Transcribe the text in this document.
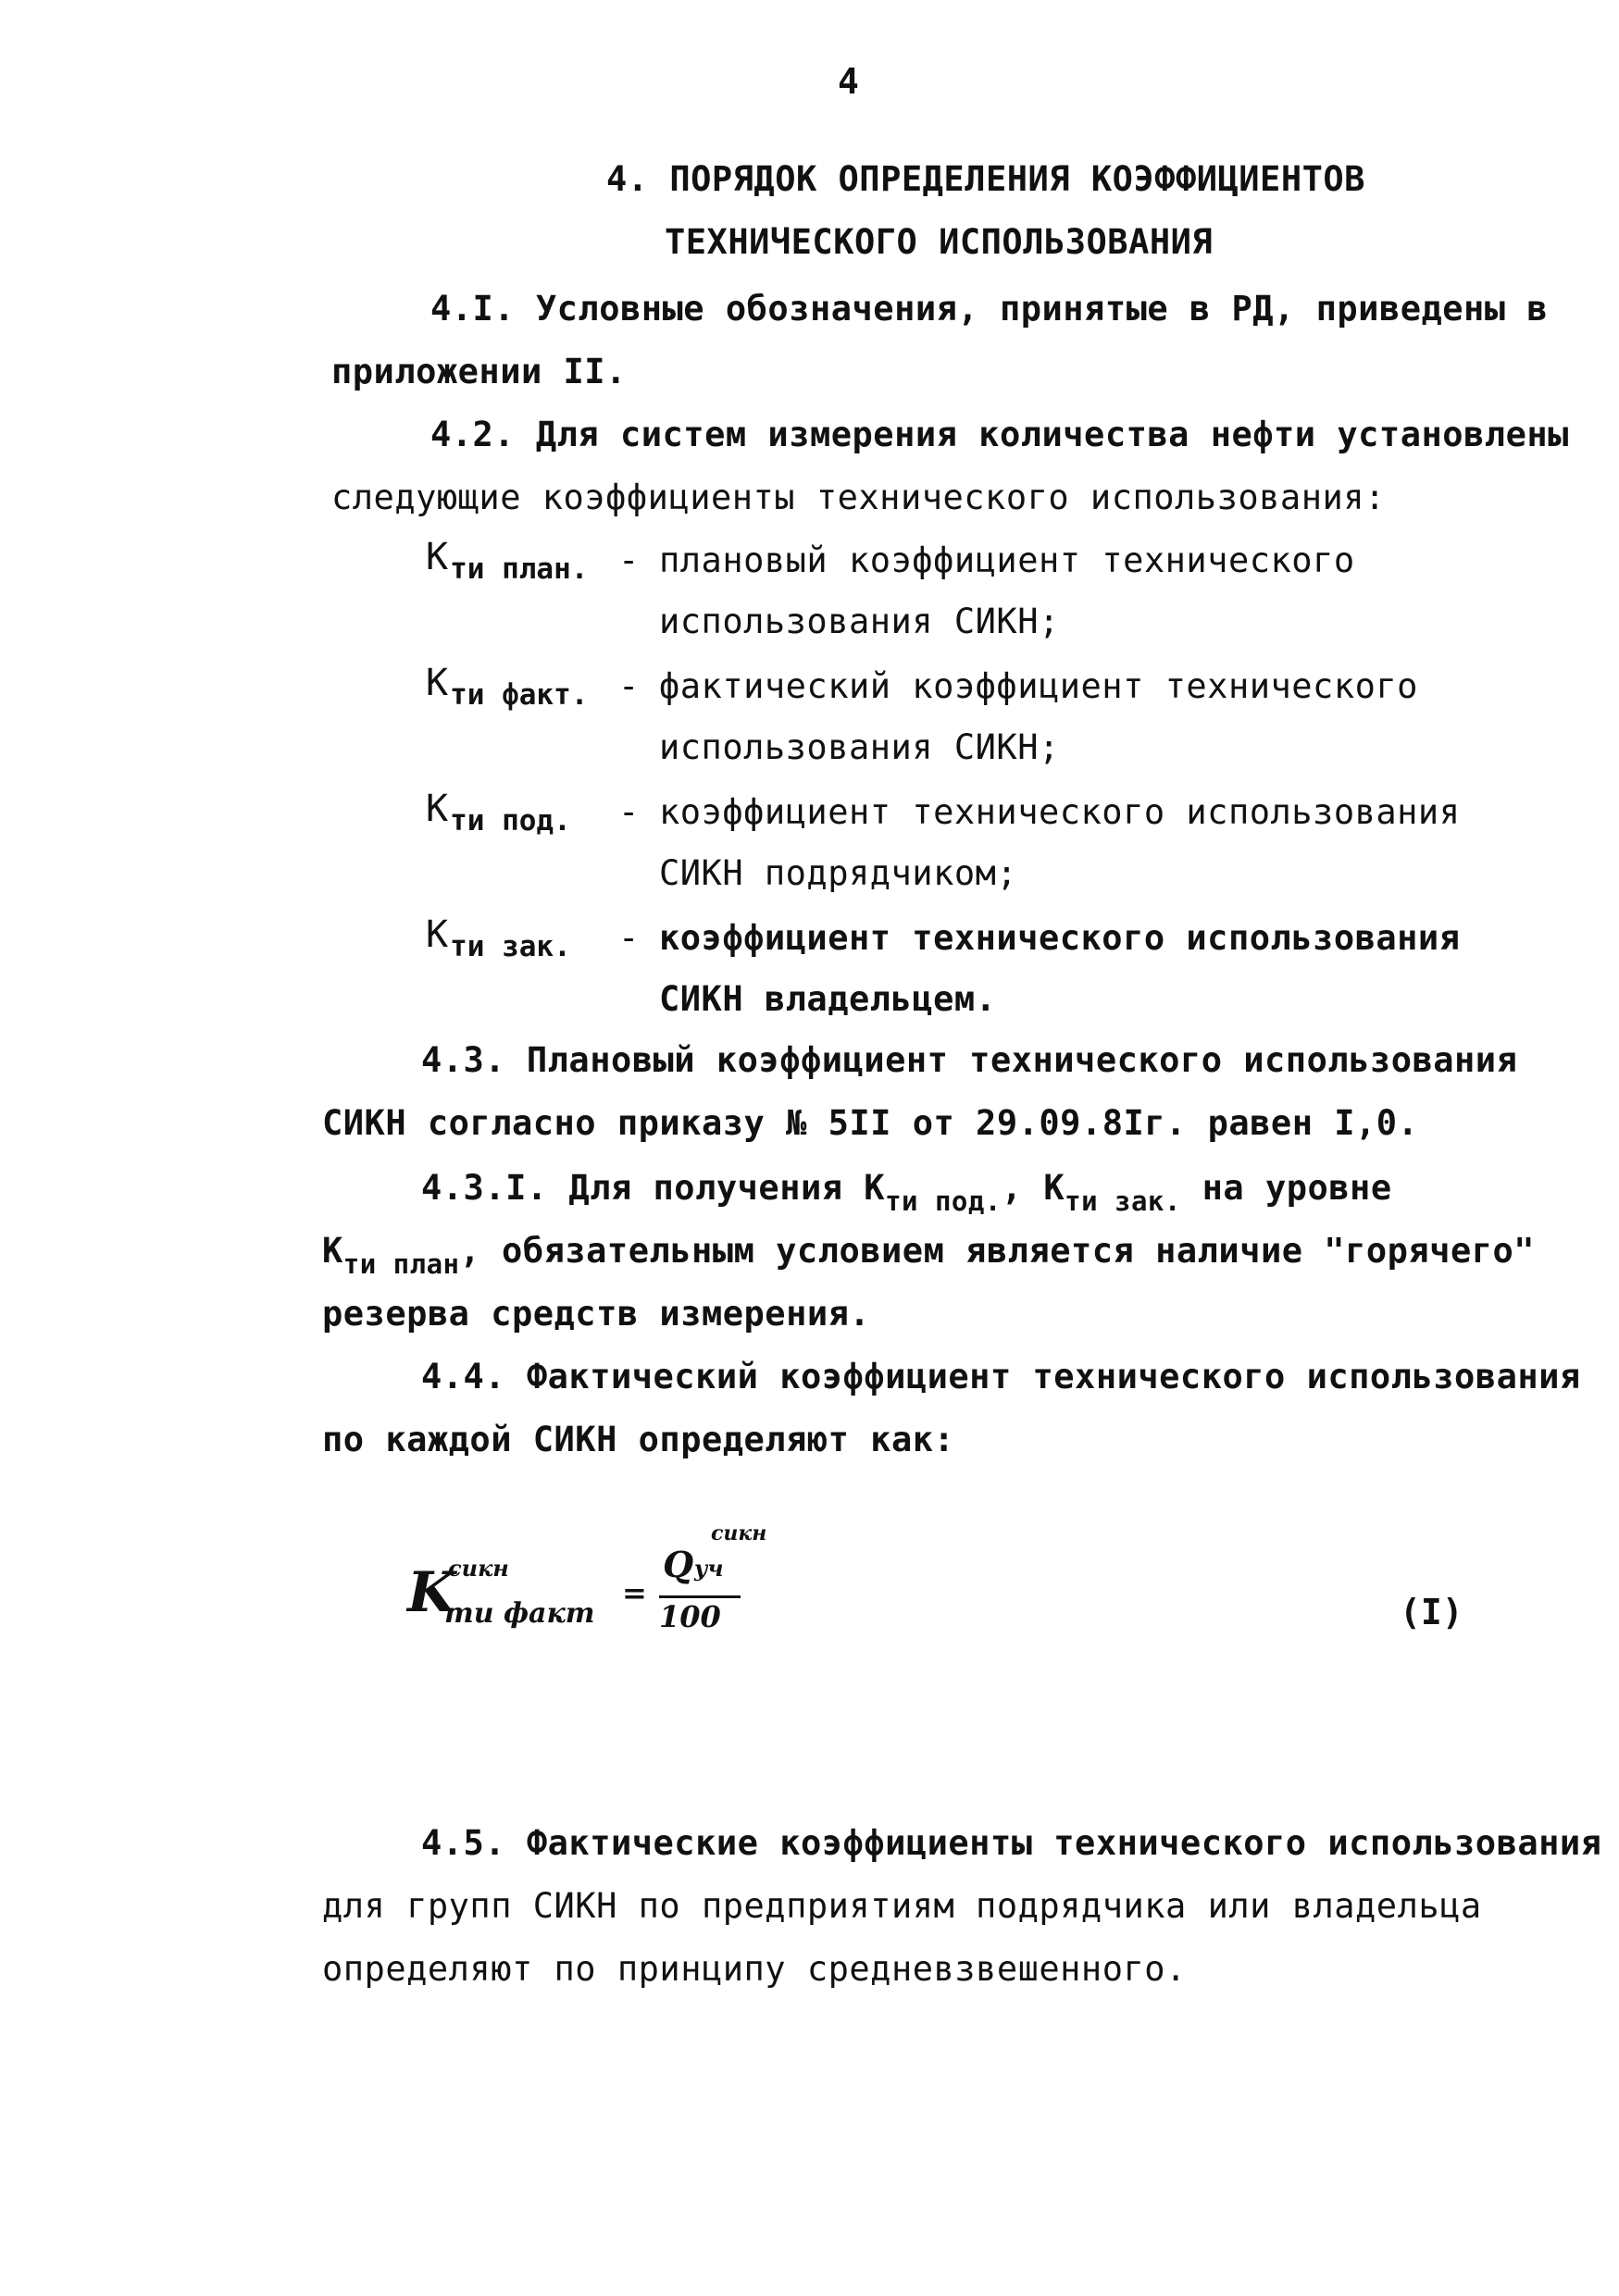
4
4. ПОРЯДОК ОПРЕДЕЛЕНИЯ КОЭФФИЦИЕНТОВ
ТЕХНИЧЕСКОГО ИСПОЛЬЗОВАНИЯ
4.I. Условные обозначения, принятые в РД, приведены в
приложении II.
4.2. Для систем измерения количества нефти установлены
следующие коэффициенты технического использования:
$К_{ти план.}$ - плановый коэффициент технического
использования СИКН;
$К_{ти факт.}$ - фактический коэффициент технического
использования СИКН;
$К_{ти под.}$ - коэффициент технического использования
СИКН подрядчиком;
$К_{ти зак.}$ - коэффициент технического использования
СИКН владельцем.
4.3. Плановый коэффициент технического использования
СИКН согласно приказу № 5II от 29.09.8Iг. равен I,0.
4.3.I. Для получения $К_{ти под.}$, $К_{ти зак.}$ на уровне
$К_{ти план}$, обязательным условием является наличие "горячего"
резерва средств измерения.
4.4. Фактический коэффициент технического использования
по каждой СИКН определяют как:
K
сикн
ти факт
=
Q уч
сикн
100	(I)
4.5. Фактические коэффициенты технического использования
для групп СИКН по предприятиям подрядчика или владельца
определяют по принципу средневзвешенного.
